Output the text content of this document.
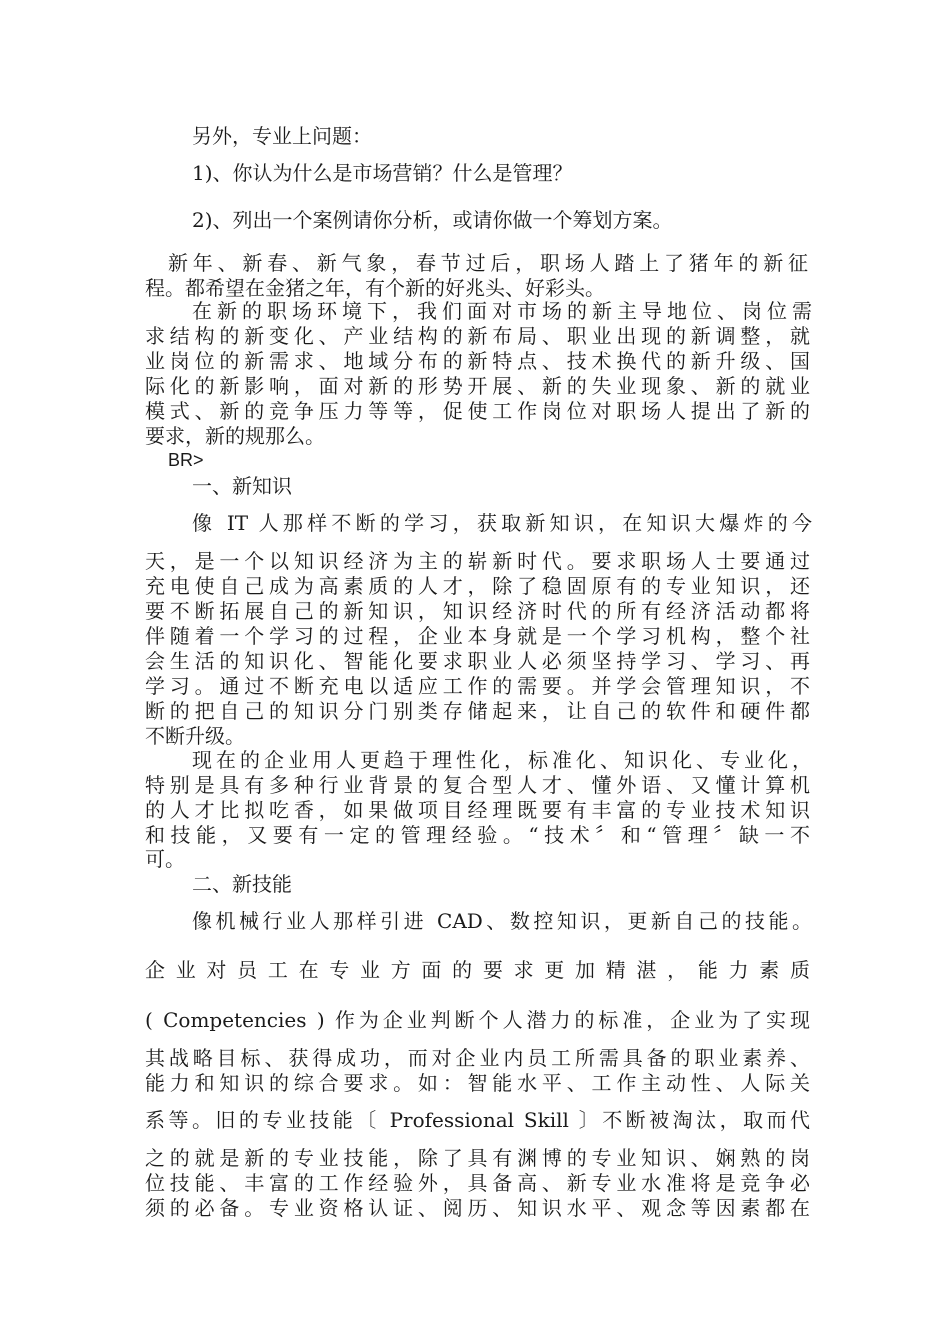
另外，专业上问题：

1)、你认为什么是市场营销？什么是管理？

2)、列出一个案例请你分析，或请你做一个筹划方案。

新年、新春、新气象，春节过后，职场人踏上了猪年的新征

程。都希望在金猪之年，有个新的好兆头、好彩头。

在新的职场环境下，我们面对市场的新主导地位、岗位需

求结构的新变化、产业结构的新布局、职业出现的新调整，就

业岗位的新需求、地域分布的新特点、技术换代的新升级、国

际化的新影响，面对新的形势开展、新的失业现象、新的就业

模式、新的竞争压力等等，促使工作岗位对职场人提出了新的

要求，新的规那么。

BR>

一、新知识

像 IT 人那样不断的学习，获取新知识，在知识大爆炸的今

天，是一个以知识经济为主的崭新时代。要求职场人士要通过

充电使自己成为高素质的人才，除了稳固原有的专业知识，还

要不断拓展自己的新知识，知识经济时代的所有经济活动都将

伴随着一个学习的过程，企业本身就是一个学习机构，整个社

会生活的知识化、智能化要求职业人必须坚持学习、学习、再

学习。通过不断充电以适应工作的需要。并学会管理知识，不

断的把自己的知识分门别类存储起来，让自己的软件和硬件都

不断升级。

现在的企业用人更趋于理性化，标准化、知识化、专业化，

特别是具有多种行业背景的复合型人才、懂外语、又懂计算机

的人才比拟吃香，如果做项目经理既要有丰富的专业技术知识

和技能，又要有一定的管理经验。“技术〞和“管理〞缺一不

可。

二、新技能

像机械行业人那样引进 CAD、数控知识，更新自己的技能。

企业对员工在专业方面的要求更加精湛，能力素质

( Competencies ) 作为企业判断个人潜力的标准，企业为了实现

其战略目标、获得成功，而对企业内员工所需具备的职业素养、

能力和知识的综合要求。如：智能水平、工作主动性、人际关

系等。旧的专业技能〔 Professional Skill 〕不断被淘汰，取而代

之的就是新的专业技能，除了具有渊博的专业知识、娴熟的岗

位技能、丰富的工作经验外，具备高、新专业水准将是竞争必

须的必备。专业资格认证、阅历、知识水平、观念等因素都在
